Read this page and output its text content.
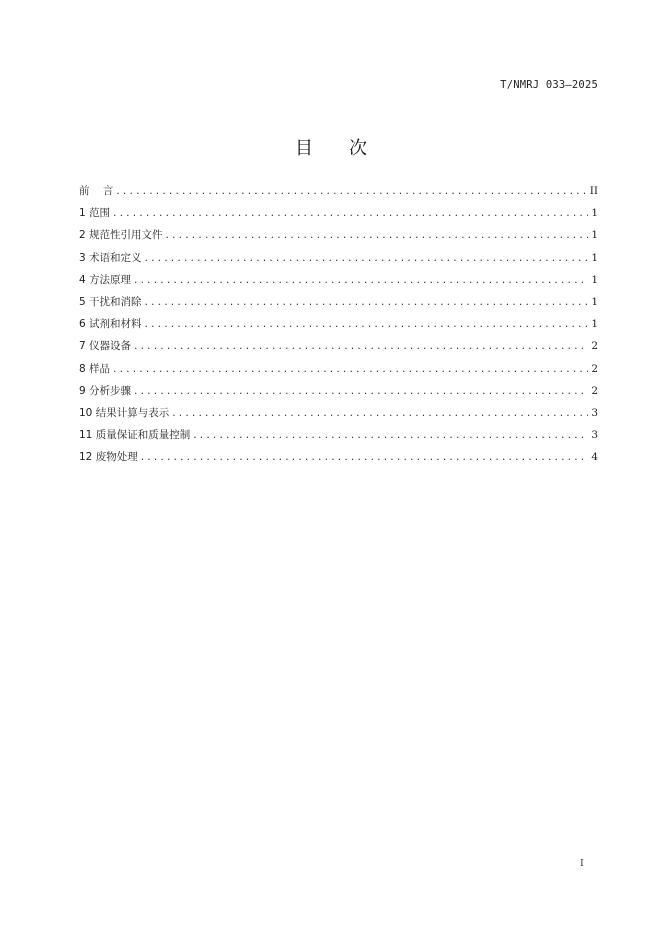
T/NMRJ 033—2025
目 次
前    言 .....	II
1 范围 .....	1
2 规范性引用文件 .....	1
3 术语和定义 .....	1
4 方法原理 .....	1
5 干扰和消除 .....	1
6 试剂和材料 .....	1
7 仪器设备 .....	2
8 样品 .....	2
9 分析步骤 .....	2
10 结果计算与表示 .....	3
11 质量保证和质量控制 .....	3
12 废物处理 .....	4
I
